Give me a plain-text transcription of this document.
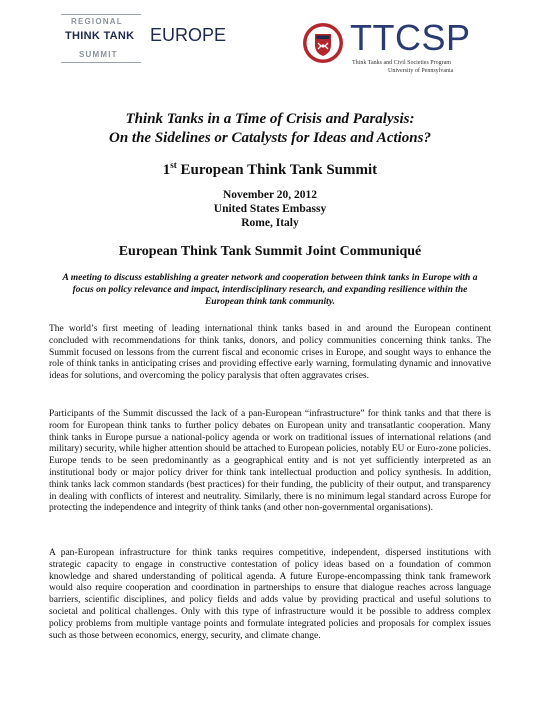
REGIONAL
THINK TANK
SUMMIT
EUROPE	TTCSP
Think Tanks and Civil Societies Program
University of Pennsylvania
Think Tanks in a Time of Crisis and Paralysis:
On the Sidelines or Catalysts for Ideas and Actions?
1st European Think Tank Summit
November 20, 2012
United States Embassy
Rome, Italy
European Think Tank Summit Joint Communiqué
A meeting to discuss establishing a greater network and cooperation between think tanks in Europe with a focus on policy relevance and impact, interdisciplinary research, and expanding resilience within the European think tank community.

The world’s first meeting of leading international think tanks based in and around the European continent concluded with recommendations for think tanks, donors, and policy communities concerning think tanks. The Summit focused on lessons from the current fiscal and economic crises in Europe, and sought ways to enhance the role of think tanks in anticipating crises and providing effective early warning, formulating dynamic and innovative ideas for solutions, and overcoming the policy paralysis that often aggravates crises.

Participants of the Summit discussed the lack of a pan-European “infrastructure” for think tanks and that there is room for European think tanks to further policy debates on European unity and transatlantic cooperation. Many think tanks in Europe pursue a national-policy agenda or work on traditional issues of international relations (and military) security, while higher attention should be attached to European policies, notably EU or Euro-zone policies. Europe tends to be seen predominantly as a geographical entity and is not yet sufficiently interpreted as an institutional body or major policy driver for think tank intellectual production and policy synthesis. In addition, think tanks lack common standards (best practices) for their funding, the publicity of their output, and transparency in dealing with conflicts of interest and neutrality. Similarly, there is no minimum legal standard across Europe for protecting the independence and integrity of think tanks (and other non-governmental organisations).

A pan-European infrastructure for think tanks requires competitive, independent, dispersed institutions with strategic capacity to engage in constructive contestation of policy ideas based on a foundation of common knowledge and shared understanding of political agenda. A future Europe-encompassing think tank framework would also require cooperation and coordination in partnerships to ensure that dialogue reaches across language barriers, scientific disciplines, and policy fields and adds value by providing practical and useful solutions to societal and political challenges. Only with this type of infrastructure would it be possible to address complex policy problems from multiple vantage points and formulate integrated policies and proposals for complex issues such as those between economics, energy, security, and climate change.
